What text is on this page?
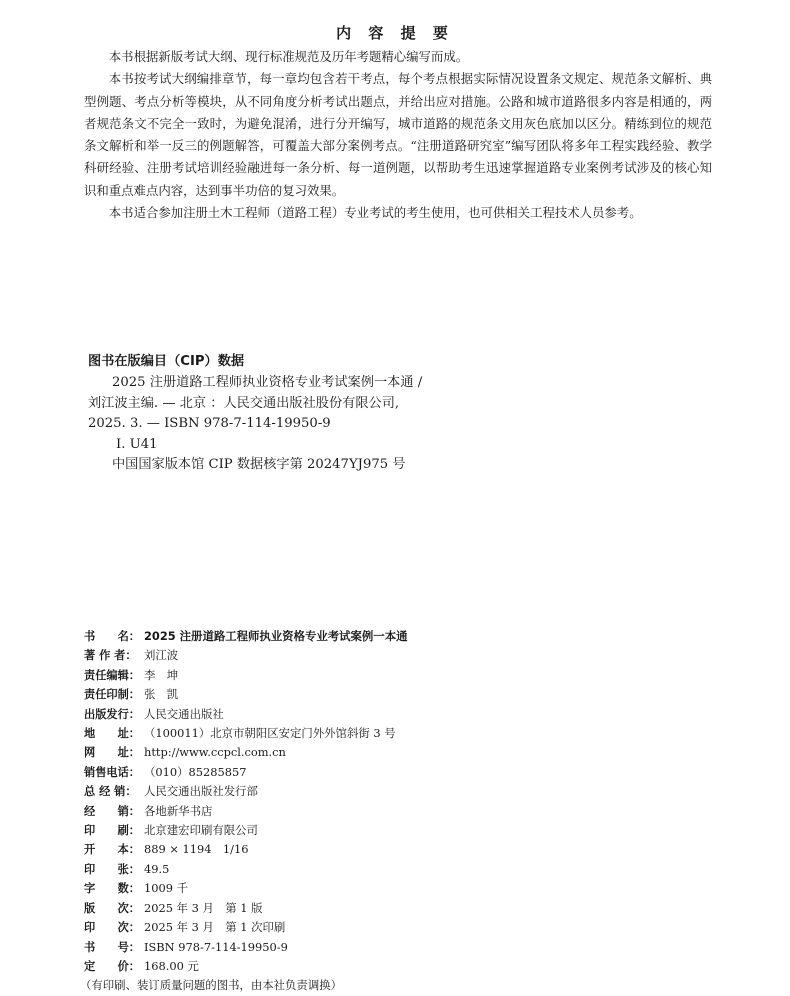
内 容 提 要

本书根据新版考试大纲、现行标准规范及历年考题精心编写而成。

本书按考试大纲编排章节，每一章均包含若干考点，每个考点根据实际情况设置条文规定、规范条文解析、典型例题、考点分析等模块，从不同角度分析考试出题点，并给出应对措施。公路和城市道路很多内容是相通的，两者规范条文不完全一致时，为避免混淆，进行分开编写，城市道路的规范条文用灰色底加以区分。精练到位的规范条文解析和举一反三的例题解答，可覆盖大部分案例考点。“注册道路研究室”编写团队将多年工程实践经验、教学科研经验、注册考试培训经验融进每一条分析、每一道例题，以帮助考生迅速掌握道路专业案例考试涉及的核心知识和重点难点内容，达到事半功倍的复习效果。

本书适合参加注册土木工程师（道路工程）专业考试的考生使用，也可供相关工程技术人员参考。

图书在版编目（CIP）数据
2025 注册道路工程师执业资格专业考试案例一本通 /
刘江波主编. — 北京 ：人民交通出版社股份有限公司,
2025. 3. — ISBN 978-7-114-19950-9
Ⅰ. U41
中国国家版本馆 CIP 数据核字第 20247YJ975 号
书　　名： 2025 注册道路工程师执业资格专业考试案例一本通
著 作 者： 刘江波
责任编辑： 李　坤
责任印制： 张　凯
出版发行： 人民交通出版社
地　　址： （100011）北京市朝阳区安定门外外馆斜街 3 号
网　　址： http://www.ccpcl.com.cn
销售电话： （010）85285857
总 经 销： 人民交通出版社发行部
经　　销： 各地新华书店
印　　刷： 北京建宏印刷有限公司
开　　本： 889 × 1194　1/16
印　　张： 49.5
字　　数： 1009 千
版　　次： 2025 年 3 月　第 1 版
印　　次： 2025 年 3 月　第 1 次印刷
书　　号： ISBN 978-7-114-19950-9
定　　价： 168.00 元
（有印刷、装订质量问题的图书，由本社负责调换）
